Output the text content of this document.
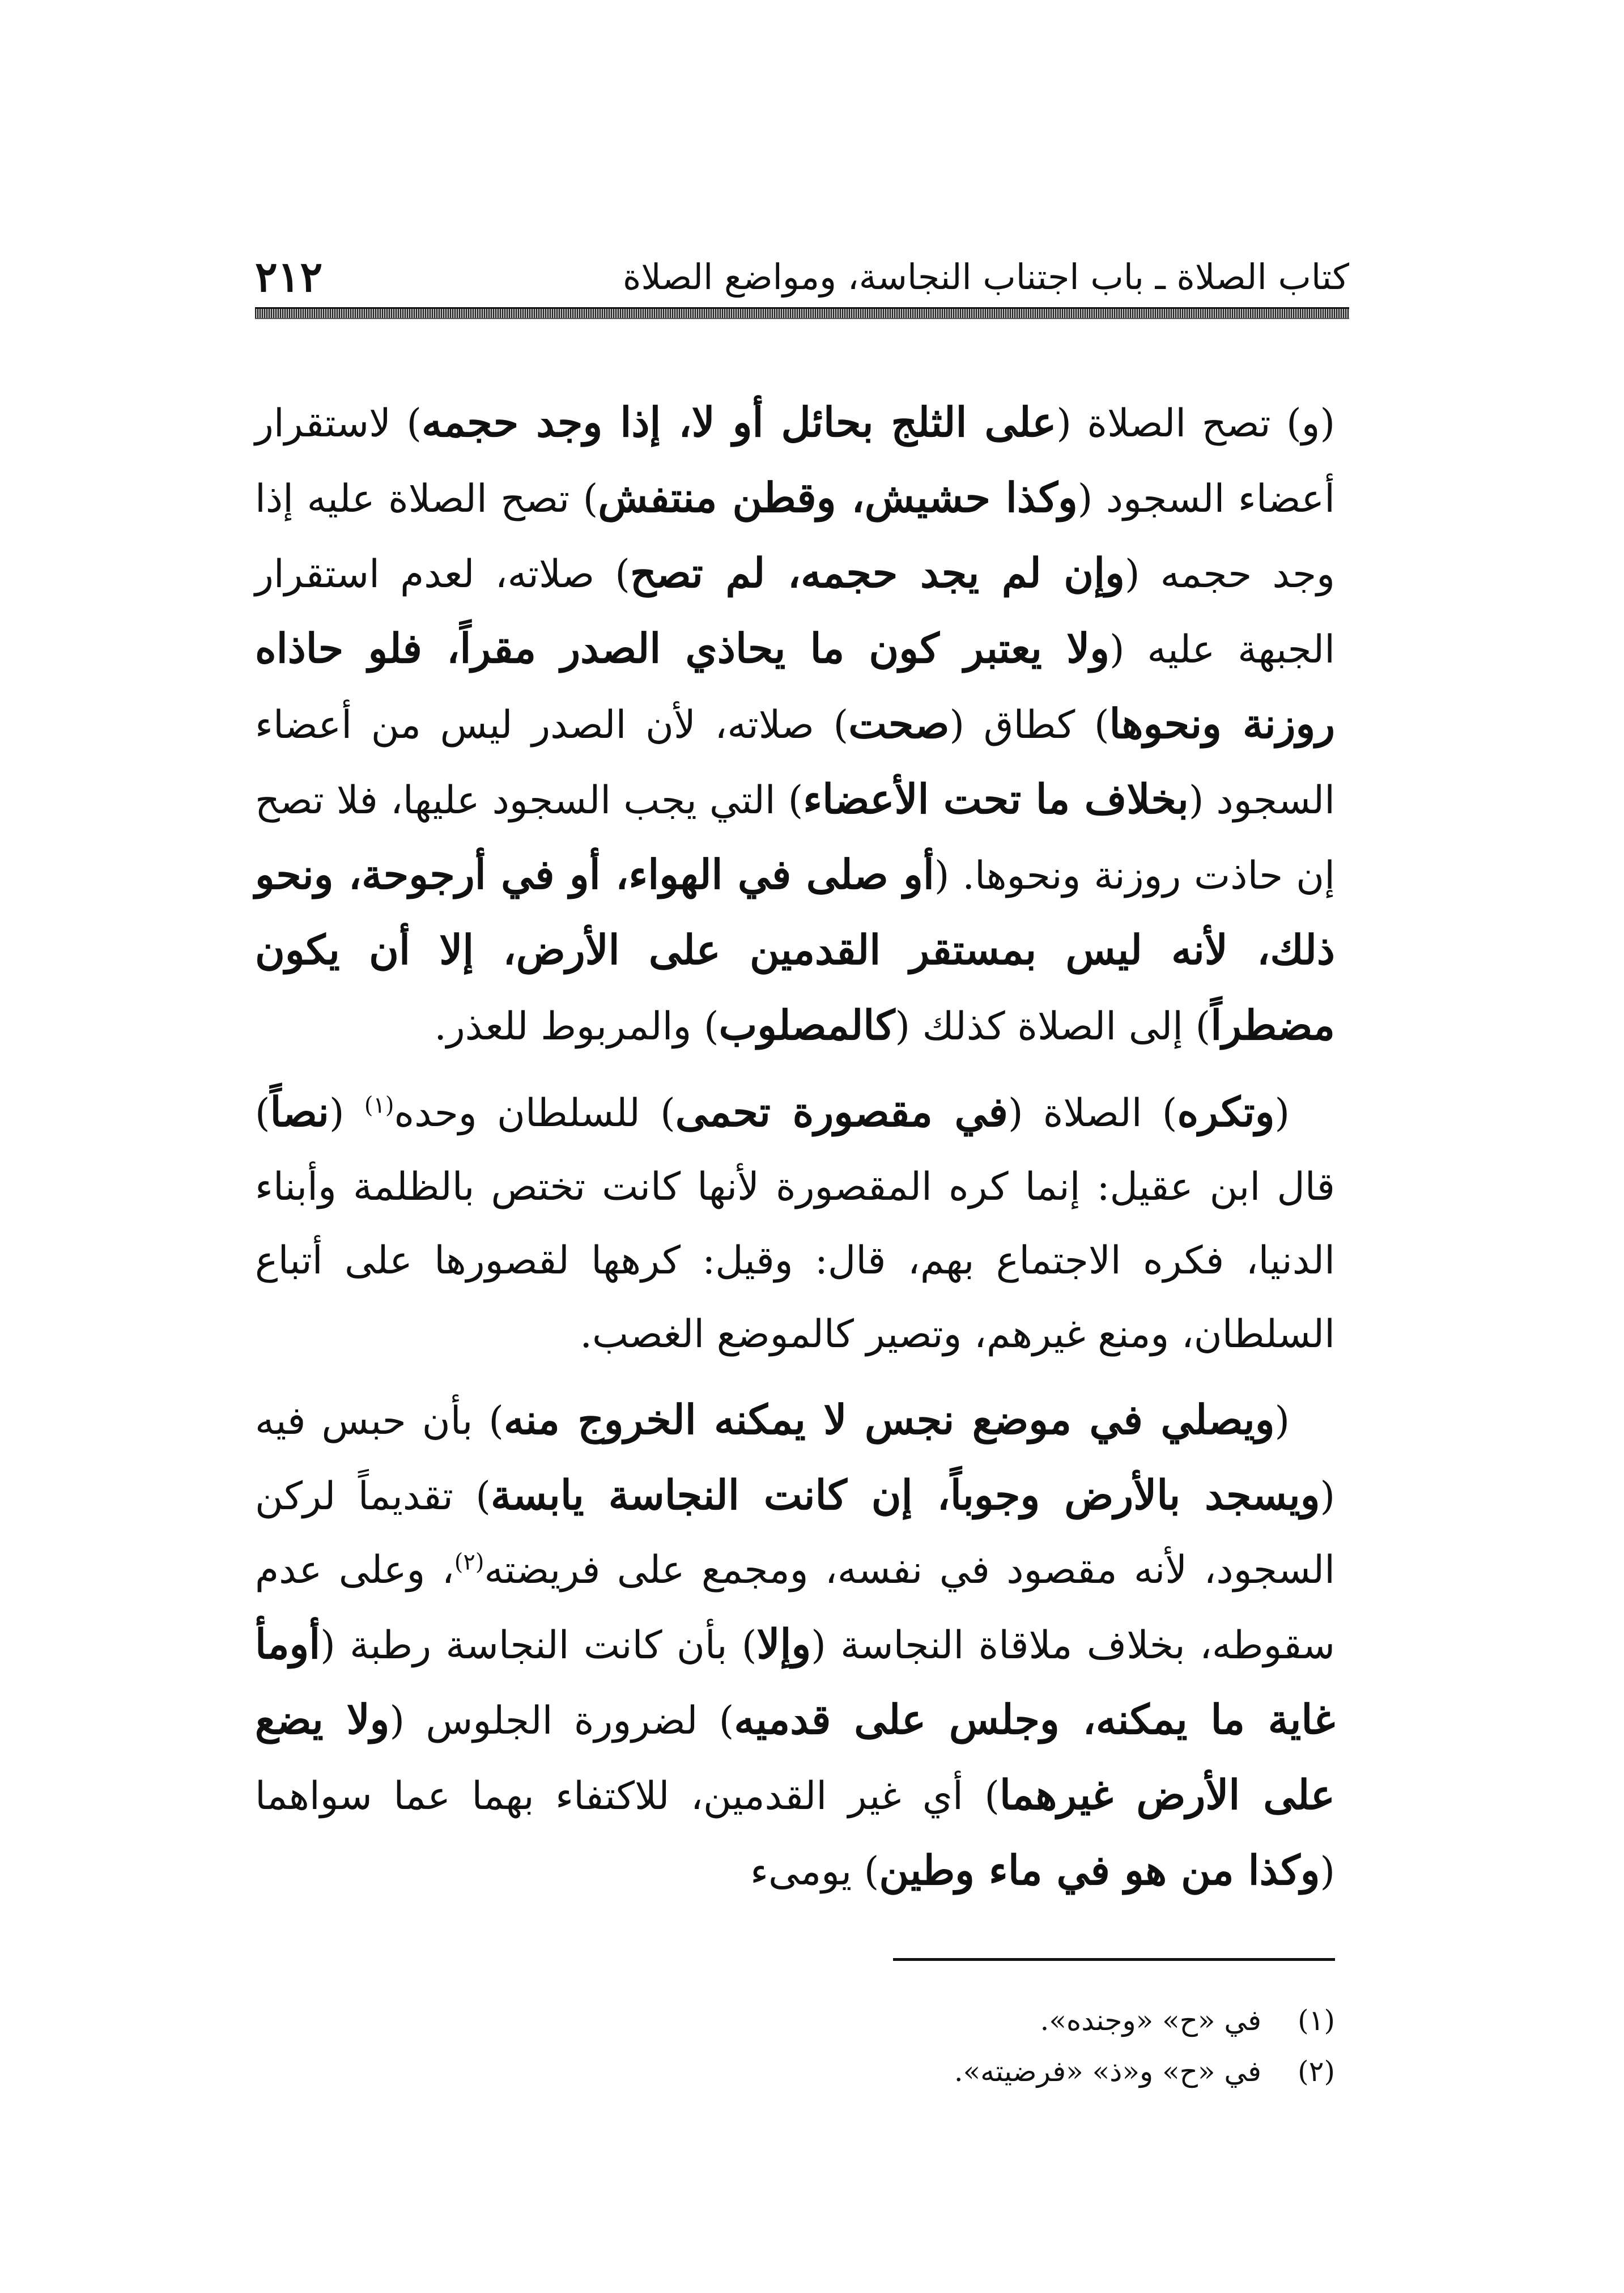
كتاب الصلاة ـ باب اجتناب النجاسة، ومواضع الصلاة
٢١٢

(و) تصح الصلاة (على الثلج بحائل أو لا، إذا وجد حجمه) لاستقرار أعضاء السجود (وكذا حشيش، وقطن منتفش) تصح الصلاة عليه إذا وجد حجمه (وإن لم يجد حجمه، لم تصح) صلاته، لعدم استقرار الجبهة عليه (ولا يعتبر كون ما يحاذي الصدر مقراً، فلو حاذاه روزنة ونحوها) كطاق (صحت) صلاته، لأن الصدر ليس من أعضاء السجود (بخلاف ما تحت الأعضاء) التي يجب السجود عليها، فلا تصح إن حاذت روزنة ونحوها. (أو صلى في الهواء، أو في أرجوحة، ونحو ذلك، لأنه ليس بمستقر القدمين على الأرض، إلا أن يكون مضطراً) إلى الصلاة كذلك (كالمصلوب) والمربوط للعذر.

(وتكره) الصلاة (في مقصورة تحمى) للسلطان وحده$^{(١)}$ (نصاً) قال ابن عقيل: إنما كره المقصورة لأنها كانت تختص بالظلمة وأبناء الدنيا، فكره الاجتماع بهم، قال: وقيل: كرهها لقصورها على أتباع السلطان، ومنع غيرهم، وتصير كالموضع الغصب.

(ويصلي في موضع نجس لا يمكنه الخروج منه) بأن حبس فيه (ويسجد بالأرض وجوباً، إن كانت النجاسة يابسة) تقديماً لركن السجود، لأنه مقصود في نفسه، ومجمع على فريضته$^{(٢)}$، وعلى عدم سقوطه، بخلاف ملاقاة النجاسة (وإلا) بأن كانت النجاسة رطبة (أومأ غاية ما يمكنه، وجلس على قدميه) لضرورة الجلوس (ولا يضع على الأرض غيرهما) أي غير القدمين، للاكتفاء بهما عما سواهما (وكذا من هو في ماء وطين) يومىء

(١)في «ح» «وجنده».
(٢)في «ح» و«ذ» «فرضيته».
